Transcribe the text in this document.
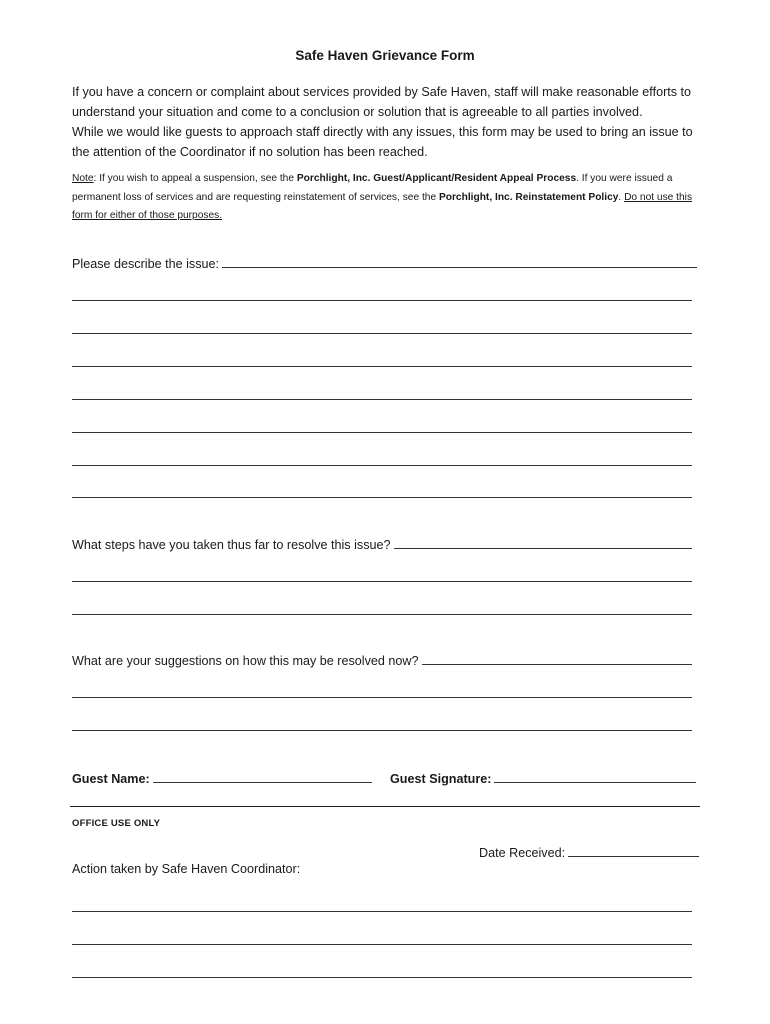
Safe Haven Grievance Form

If you have a concern or complaint about services provided by Safe Haven, staff will make reasonable efforts to understand your situation and come to a conclusion or solution that is agreeable to all parties involved.

While we would like guests to approach staff directly with any issues, this form may be used to bring an issue to the attention of the Coordinator if no solution has been reached.

Note: If you wish to appeal a suspension, see the Porchlight, Inc. Guest/Applicant/Resident Appeal Process. If you were issued a permanent loss of services and are requesting reinstatement of services, see the Porchlight, Inc. Reinstatement Policy. Do not use this form for either of those purposes.
Please describe the issue:
What steps have you taken thus far to resolve this issue?
What are your suggestions on how this may be resolved now?
Guest Name:	Guest Signature:
OFFICE USE ONLY
Date Received:
Action taken by Safe Haven Coordinator:
